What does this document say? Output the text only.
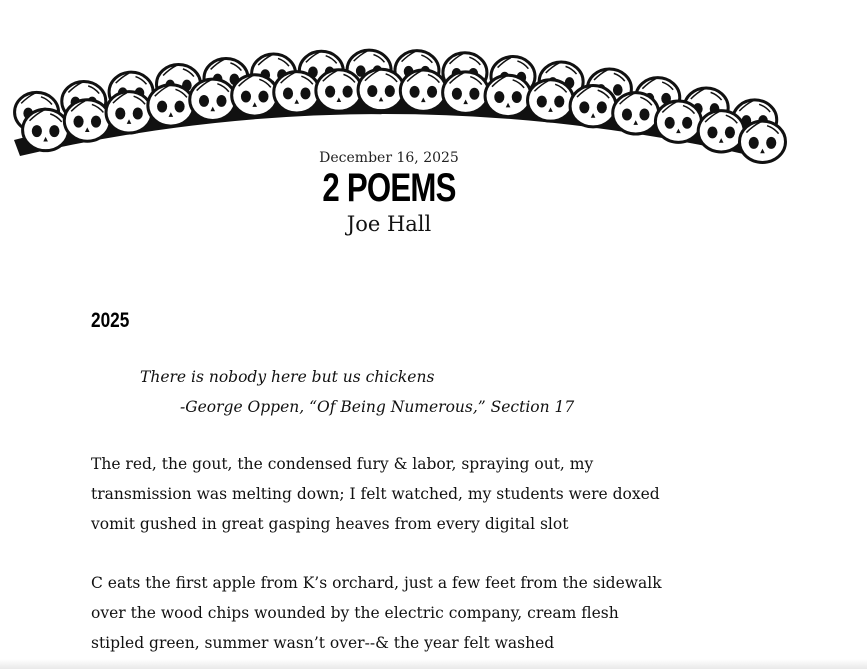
December 16, 2025
2 POEMS
Joe Hall
2025
There is nobody here but us chickens
-George Oppen, “Of Being Numerous,” Section 17
The red, the gout, the condensed fury & labor, spraying out, my
transmission was melting down; I felt watched, my students were doxed
vomit gushed in great gasping heaves from every digital slot
C eats the first apple from K’s orchard, just a few feet from the sidewalk
over the wood chips wounded by the electric company, cream flesh
stipled green, summer wasn’t over--& the year felt washed
